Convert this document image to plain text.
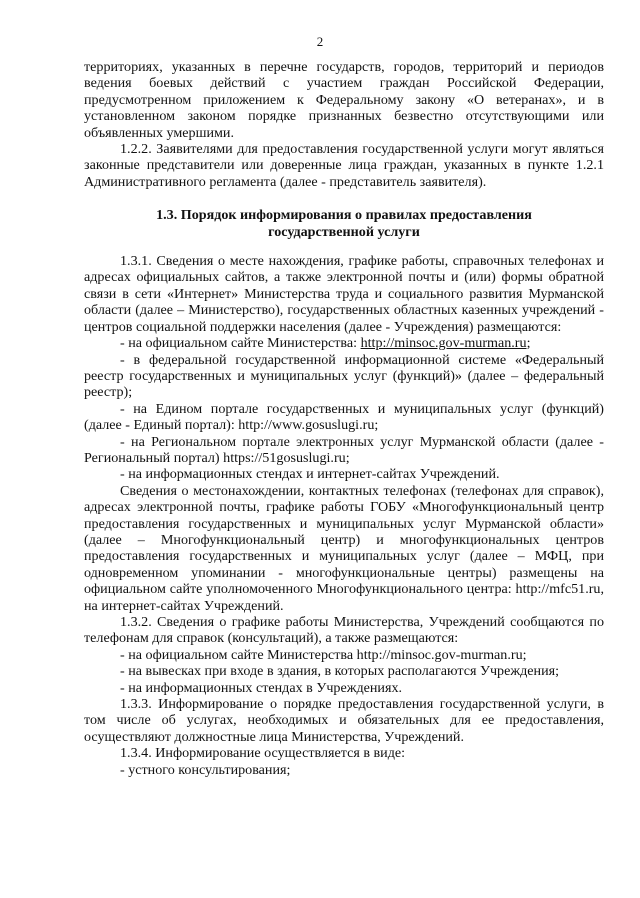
2

территориях, указанных в перечне государств, городов, территорий и периодов ведения боевых действий с участием граждан Российской Федерации, предусмотренном приложением к Федеральному закону «О ветеранах», и в установленном законом порядке признанных безвестно отсутствующими или объявленных умершими.

1.2.2. Заявителями для предоставления государственной услуги могут являться законные представители или доверенные лица граждан, указанных в пункте 1.2.1 Административного регламента (далее - представитель заявителя).

1.3. Порядок информирования о правилах предоставления
государственной услуги

1.3.1. Сведения о месте нахождения, графике работы, справочных телефонах и адресах официальных сайтов, а также электронной почты и (или) формы обратной связи в сети «Интернет» Министерства труда и социального развития Мурманской области (далее – Министерство), государственных областных казенных учреждений - центров социальной поддержки населения (далее - Учреждения) размещаются:

- на официальном сайте Министерства: http://minsoc.gov-murman.ru;

- в федеральной государственной информационной системе «Федеральный реестр государственных и муниципальных услуг (функций)» (далее – федеральный реестр);

- на Едином портале государственных и муниципальных услуг (функций) (далее - Единый портал): http://www.gosuslugi.ru;

- на Региональном портале электронных услуг Мурманской области (далее - Региональный портал) https://51gosuslugi.ru;

- на информационных стендах и интернет-сайтах Учреждений.

Сведения о местонахождении, контактных телефонах (телефонах для справок), адресах электронной почты, графике работы ГОБУ «Многофункциональный центр предоставления государственных и муниципальных услуг Мурманской области» (далее – Многофункциональный центр) и многофункциональных центров предоставления государственных и муниципальных услуг (далее – МФЦ, при одновременном упоминании - многофункциональные центры) размещены на официальном сайте уполномоченного Многофункционального центра: http://mfc51.ru, на интернет-сайтах Учреждений.

1.3.2. Сведения о графике работы Министерства, Учреждений сообщаются по телефонам для справок (консультаций), а также размещаются:

- на официальном сайте Министерства http://minsoc.gov-murman.ru;

- на вывесках при входе в здания, в которых располагаются Учреждения;

- на информационных стендах в Учреждениях.

1.3.3. Информирование о порядке предоставления государственной услуги, в том числе об услугах, необходимых и обязательных для ее предоставления, осуществляют должностные лица Министерства, Учреждений.

1.3.4. Информирование осуществляется в виде:

- устного консультирования;
